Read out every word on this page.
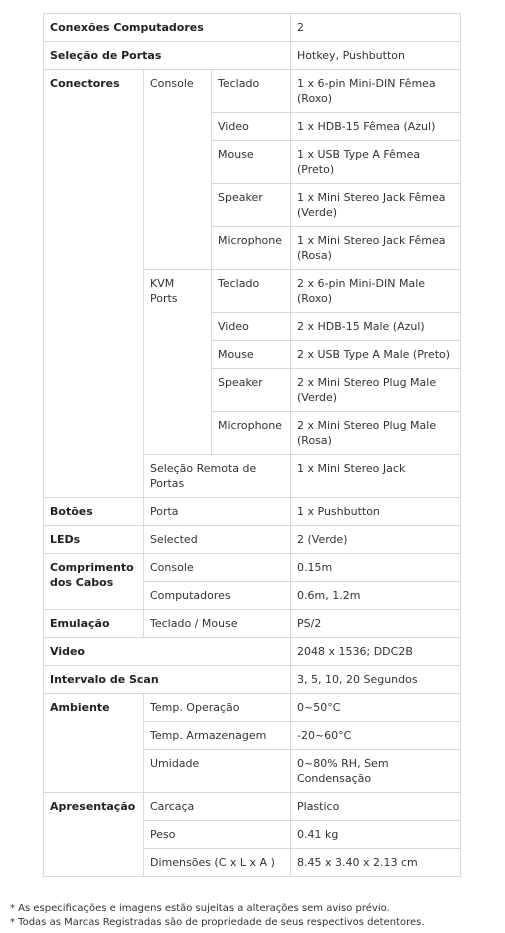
Conexões Computadores			2
Seleção de Portas			Hotkey, Pushbutton
Conectores	Console	Teclado	1 x 6-pin Mini-DIN Fêmea (Roxo)
		Video	1 x HDB-15 Fêmea (Azul)
		Mouse	1 x USB Type A Fêmea (Preto)
		Speaker	1 x Mini Stereo Jack Fêmea (Verde)
		Microphone	1 x Mini Stereo Jack Fêmea (Rosa)
	KVM Ports	Teclado	2 x 6-pin Mini-DIN Male (Roxo)
		Video	2 x HDB-15 Male (Azul)
		Mouse	2 x USB Type A Male (Preto)
		Speaker	2 x Mini Stereo Plug Male (Verde)
		Microphone	2 x Mini Stereo Plug Male (Rosa)
	Seleção Remota de Portas		1 x Mini Stereo Jack
Botões	Porta		1 x Pushbutton
LEDs	Selected		2 (Verde)
Comprimento dos Cabos	Console		0.15m
	Computadores		0.6m, 1.2m
Emulação	Teclado / Mouse		PS/2
Video			2048 x 1536; DDC2B
Intervalo de Scan			3, 5, 10, 20 Segundos
Ambiente	Temp. Operação		0~50°C
	Temp. Armazenagem		-20~60°C
	Umidade		0~80% RH, Sem Condensação
Apresentação	Carcaça		Plastico
	Peso		0.41 kg
	Dimensões (C x L x A )		8.45 x 3.40 x 2.13 cm
* As especificações e imagens estão sujeitas a alterações sem aviso prévio.
* Todas as Marcas Registradas são de propriedade de seus respectivos detentores.
